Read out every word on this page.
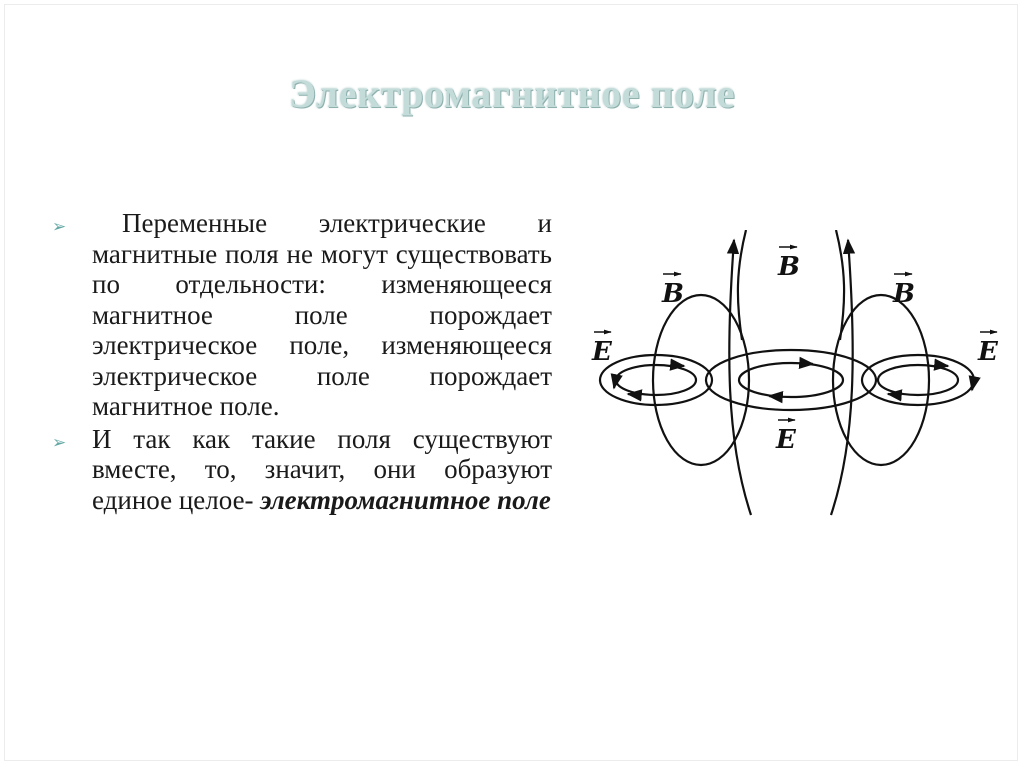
Электромагнитное поле
➢ Переменные электрические и магнитные поля не могут существовать по отдельности: изменяющееся магнитное поле порождает электрическое поле, изменяющееся электрическое поле порождает магнитное поле.
➢ И так как такие поля существуют вместе, то, значит, они образуют единое целое- электромагнитное поле
B
B	B
E	E
E
